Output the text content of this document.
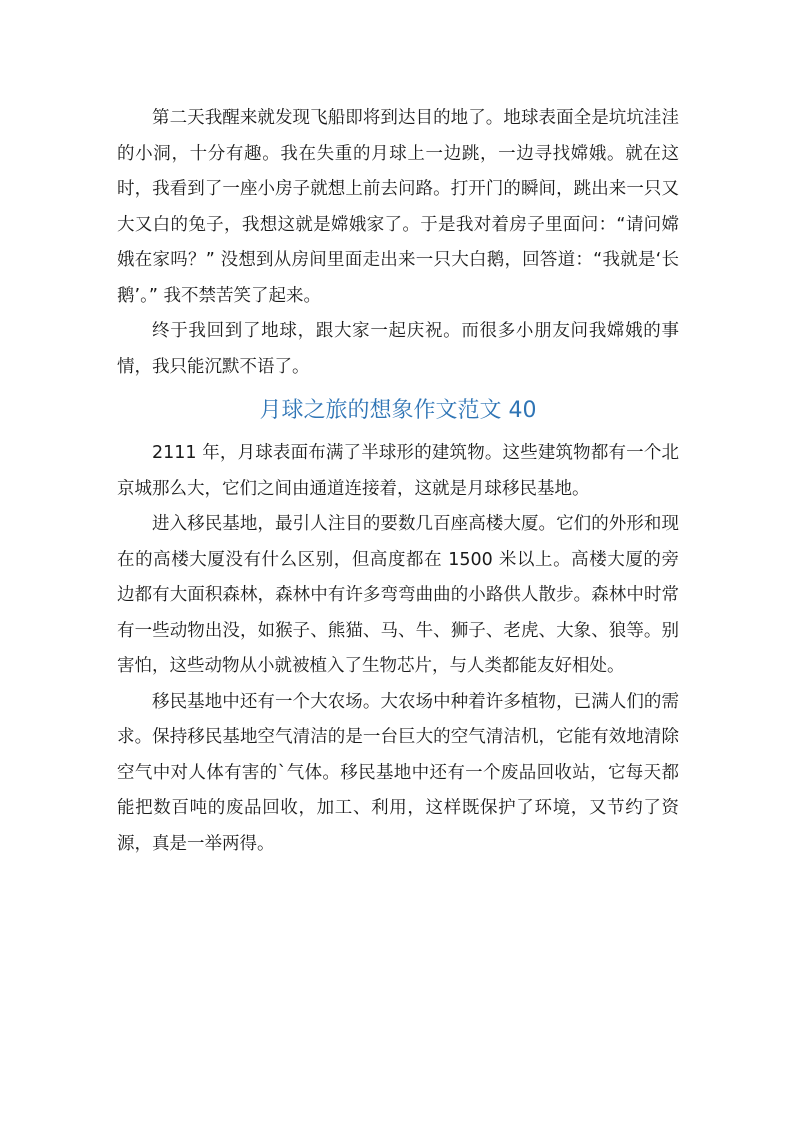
第二天我醒来就发现飞船即将到达目的地了。地球表面全是坑坑洼洼的小洞，十分有趣。我在失重的月球上一边跳，一边寻找嫦娥。就在这时，我看到了一座小房子就想上前去问路。打开门的瞬间，跳出来一只又大又白的兔子，我想这就是嫦娥家了。于是我对着房子里面问：“请问嫦娥在家吗？” 没想到从房间里面走出来一只大白鹅，回答道：“我就是‘长鹅’。” 我不禁苦笑了起来。

终于我回到了地球，跟大家一起庆祝。而很多小朋友问我嫦娥的事情，我只能沉默不语了。

月球之旅的想象作文范文 40

2111 年，月球表面布满了半球形的建筑物。这些建筑物都有一个北京城那么大，它们之间由通道连接着，这就是月球移民基地。

进入移民基地，最引人注目的要数几百座高楼大厦。它们的外形和现在的高楼大厦没有什么区别，但高度都在 1500 米以上。高楼大厦的旁边都有大面积森林，森林中有许多弯弯曲曲的小路供人散步。森林中时常有一些动物出没，如猴子、熊猫、马、牛、狮子、老虎、大象、狼等。别害怕，这些动物从小就被植入了生物芯片，与人类都能友好相处。

移民基地中还有一个大农场。大农场中种着许多植物，已满人们的需求。保持移民基地空气清洁的是一台巨大的空气清洁机，它能有效地清除空气中对人体有害的`气体。移民基地中还有一个废品回收站，它每天都能把数百吨的废品回收，加工、利用，这样既保护了环境，又节约了资源，真是一举两得。
